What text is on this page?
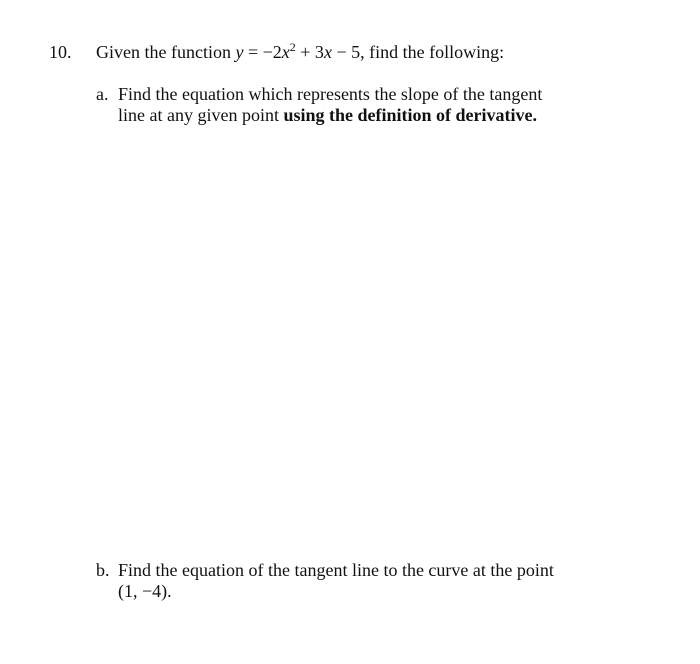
10. Given the function $y = -2x^2 + 3x - 5$, find the following:
a. Find the equation which represents the slope of the tangent
line at any given point using the definition of derivative.
b. Find the equation of the tangent line to the curve at the point
(1, −4).
